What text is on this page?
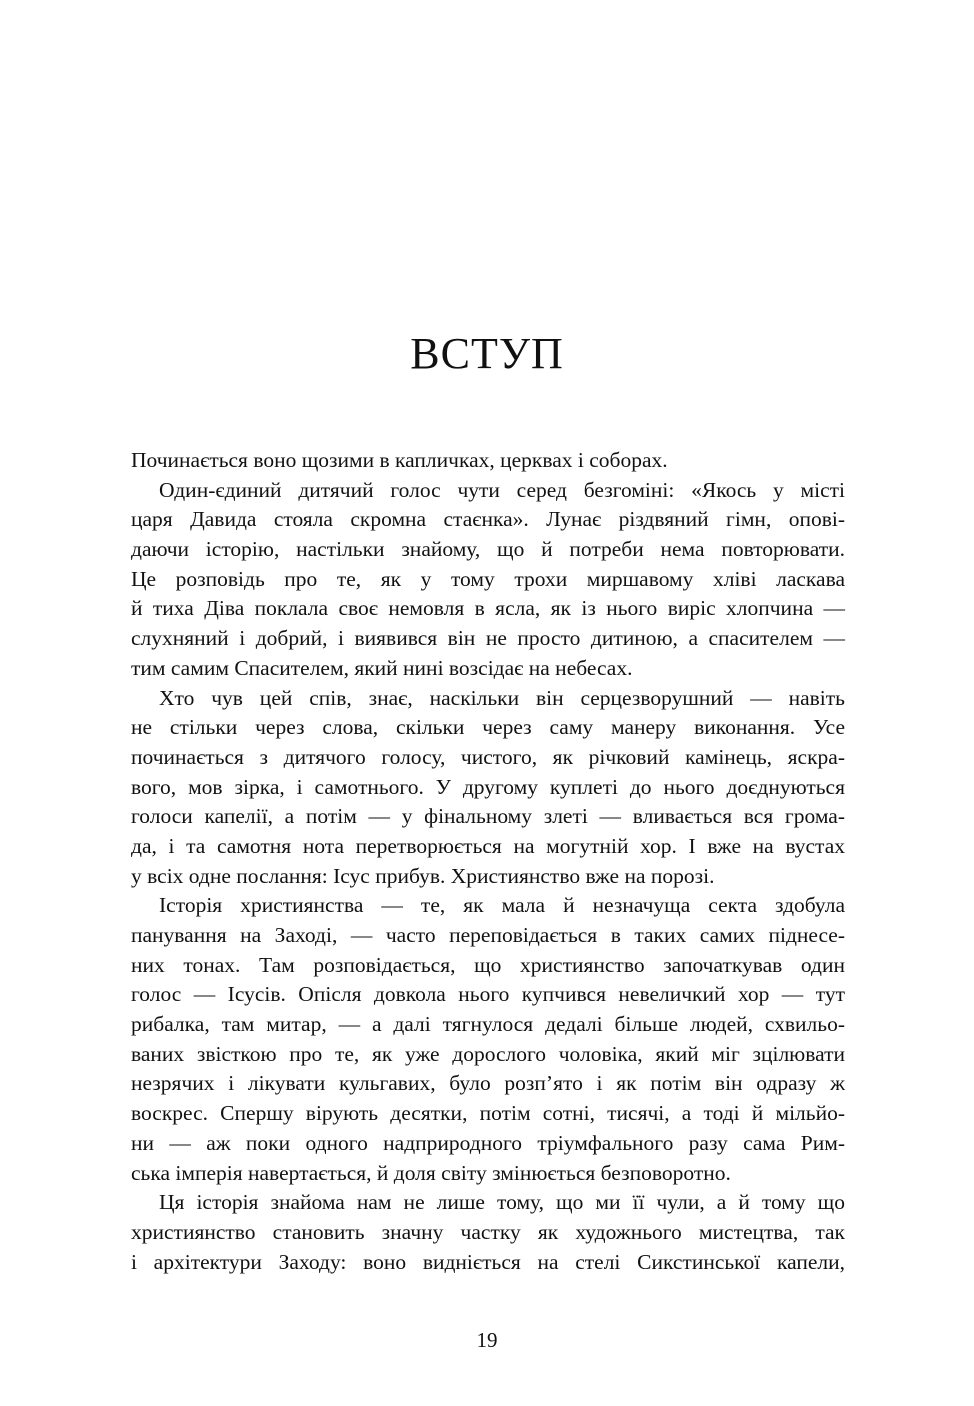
ВСТУП
Починається воно щозими в капличках, церквах і соборах.
Один-єдиний дитячий голос чути серед безгоміні: «Якось у місті
царя Давида стояла скромна стаєнка». Лунає різдвяний гімн, опові-
даючи історію, настільки знайому, що й потреби нема повторювати.
Це розповідь про те, як у тому трохи миршавому хліві ласкава
й тиха Діва поклала своє немовля в ясла, як із нього виріс хлопчина —
слухняний і добрий, і виявився він не просто дитиною, а спасителем —
тим самим Спасителем, який нині возсідає на небесах.
Хто чув цей спів, знає, наскільки він серцезворушний — навіть
не стільки через слова, скільки через саму манеру виконання. Усе
починається з дитячого голосу, чистого, як річковий камінець, яскра-
вого, мов зірка, і самотнього. У другому куплеті до нього доєднуються
голоси капелії, а потім — у фінальному злеті — вливається вся грома-
да, і та самотня нота перетворюється на могутній хор. І вже на вустах
у всіх одне послання: Ісус прибув. Християнство вже на порозі.
Історія християнства — те, як мала й незначуща секта здобула
панування на Заході, — часто переповідається в таких самих піднесе-
них тонах. Там розповідається, що християнство започаткував один
голос — Ісусів. Опісля довкола нього купчився невеличкий хор — тут
рибалка, там митар, — а далі тягнулося дедалі більше людей, схвильо-
ваних звісткою про те, як уже дорослого чоловіка, який міг зцілювати
незрячих і лікувати кульгавих, було розп’ято і як потім він одразу ж
воскрес. Спершу вірують десятки, потім сотні, тисячі, а тоді й мільйо-
ни — аж поки одного надприродного тріумфального разу сама Рим-
ська імперія навертається, й доля світу змінюється безповоротно.
Ця історія знайома нам не лише тому, що ми її чули, а й тому що
християнство становить значну частку як художнього мистецтва, так
і архітектури Заходу: воно видніється на стелі Сикстинської капели,
19
